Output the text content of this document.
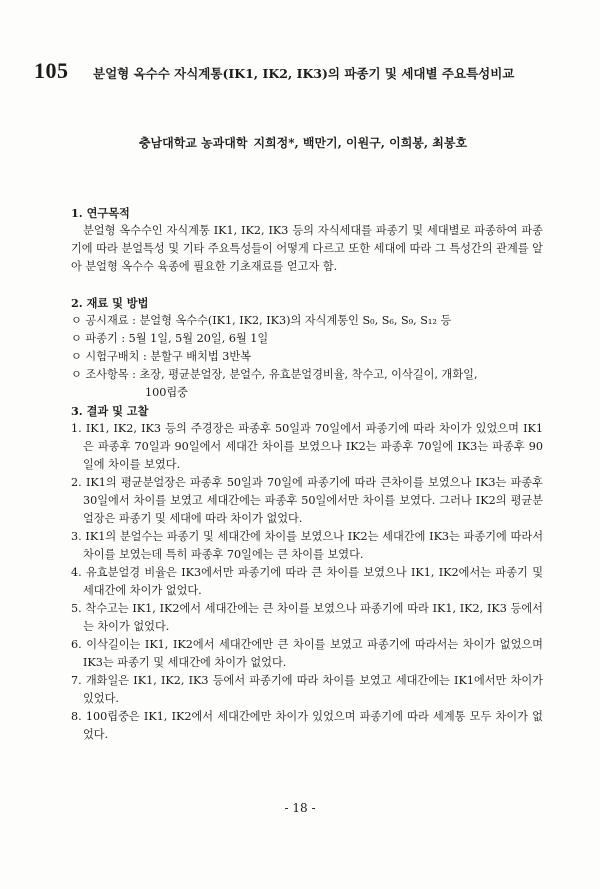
105 분얼형 옥수수 자식계통(IK1, IK2, IK3)의 파종기 및 세대별 주요특성비교
충남대학교 농과대학 지희정*, 백만기, 이원구, 이희봉, 최봉호
1. 연구목적
분얼형 옥수수인 자식계통 IK1, IK2, IK3 등의 자식세대를 파종기 및 세대별로 파종하여 파종기에 따라 분얼특성 및 기타 주요특성들이 어떻게 다르고 또한 세대에 따라 그 특성간의 관계를 알아 분얼형 옥수수 육종에 필요한 기초재료를 얻고자 함.
2. 재료 및 방법
ㅇ 공시재료 : 분얼형 옥수수(IK1, IK2, IK3)의 자식계통인 S₀, S₆, S₉, S₁₂ 등
ㅇ 파종기 : 5월 1일, 5월 20일, 6월 1일
ㅇ 시험구배치 : 분할구 배치법 3반복
ㅇ 조사항목 : 초장, 평균분얼장, 분얼수, 유효분얼경비율, 착수고, 이삭길이, 개화일,
100립중
3. 결과 및 고찰
1. IK1, IK2, IK3 등의 주경장은 파종후 50일과 70일에서 파종기에 따라 차이가 있었으며 IK1은 파종후 70일과 90일에서 세대간 차이를 보였으나 IK2는 파종후 70일에 IK3는 파종후 90일에 차이를 보였다.
2. IK1의 평균분얼장은 파종후 50일과 70일에 파종기에 따라 큰차이를 보였으나 IK3는 파종후 30일에서 차이를 보였고 세대간에는 파종후 50일에서만 차이를 보였다. 그러나 IK2의 평균분얼장은 파종기 및 세대에 따라 차이가 없었다.
3. IK1의 분얼수는 파종기 및 세대간에 차이를 보였으나 IK2는 세대간에 IK3는 파종기에 따라서 차이를 보였는데 특히 파종후 70일에는 큰 차이를 보였다.
4. 유효분얼경 비율은 IK3에서만 파종기에 따라 큰 차이를 보였으나 IK1, IK2에서는 파종기 및 세대간에 차이가 없었다.
5. 착수고는 IK1, IK2에서 세대간에는 큰 차이를 보였으나 파종기에 따라 IK1, IK2, IK3 등에서는 차이가 없었다.
6. 이삭길이는 IK1, IK2에서 세대간에만 큰 차이를 보였고 파종기에 따라서는 차이가 없었으며 IK3는 파종기 및 세대간에 차이가 없었다.
7. 개화일은 IK1, IK2, IK3 등에서 파종기에 따라 차이를 보였고 세대간에는 IK1에서만 차이가 있었다.
8. 100립중은 IK1, IK2에서 세대간에만 차이가 있었으며 파종기에 따라 세계통 모두 차이가 없었다.
- 18 -
